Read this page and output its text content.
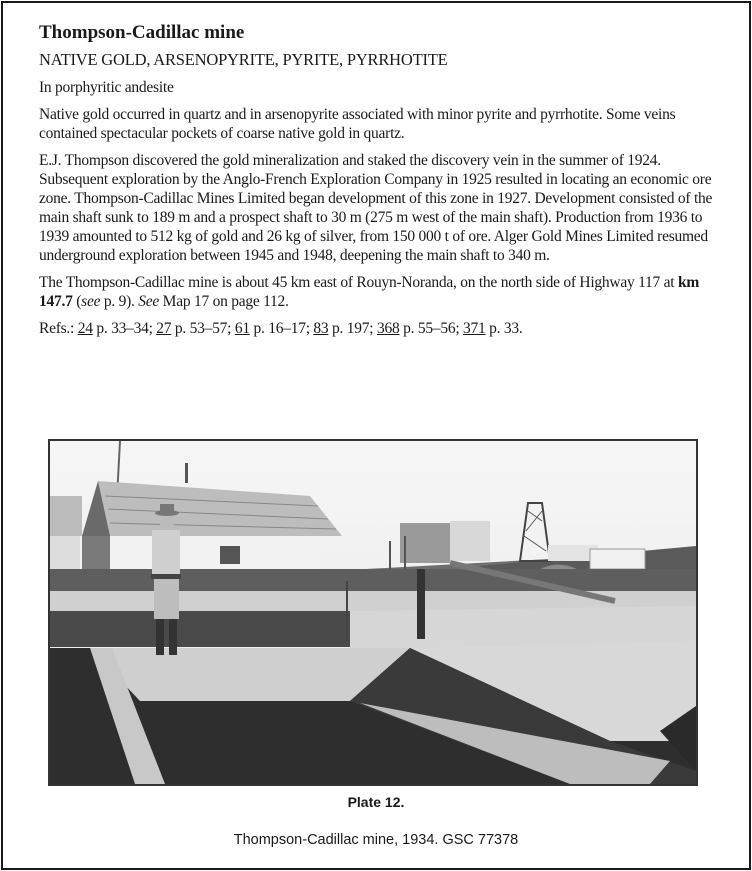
Thompson-Cadillac mine
NATIVE GOLD, ARSENOPYRITE, PYRITE, PYRRHOTITE

In porphyritic andesite

Native gold occurred in quartz and in arsenopyrite associated with minor pyrite and pyrrhotite. Some veins contained spectacular pockets of coarse native gold in quartz.

E.J. Thompson discovered the gold mineralization and staked the discovery vein in the summer of 1924. Subsequent exploration by the Anglo-French Exploration Company in 1925 resulted in locating an economic ore zone. Thompson-Cadillac Mines Limited began development of this zone in 1927. Development consisted of the main shaft sunk to 189 m and a prospect shaft to 30 m (275 m west of the main shaft). Production from 1936 to 1939 amounted to 512 kg of gold and 26 kg of silver, from 150 000 t of ore. Alger Gold Mines Limited resumed underground exploration between 1945 and 1948, deepening the main shaft to 340 m.

The Thompson-Cadillac mine is about 45 km east of Rouyn-Noranda, on the north side of Highway 117 at km 147.7 (see p. 9). See Map 17 on page 112.

Refs.: 24 p. 33–34; 27 p. 53–57; 61 p. 16–17; 83 p. 197; 368 p. 55–56; 371 p. 33.

Plate 12.
Thompson-Cadillac mine, 1934. GSC 77378
